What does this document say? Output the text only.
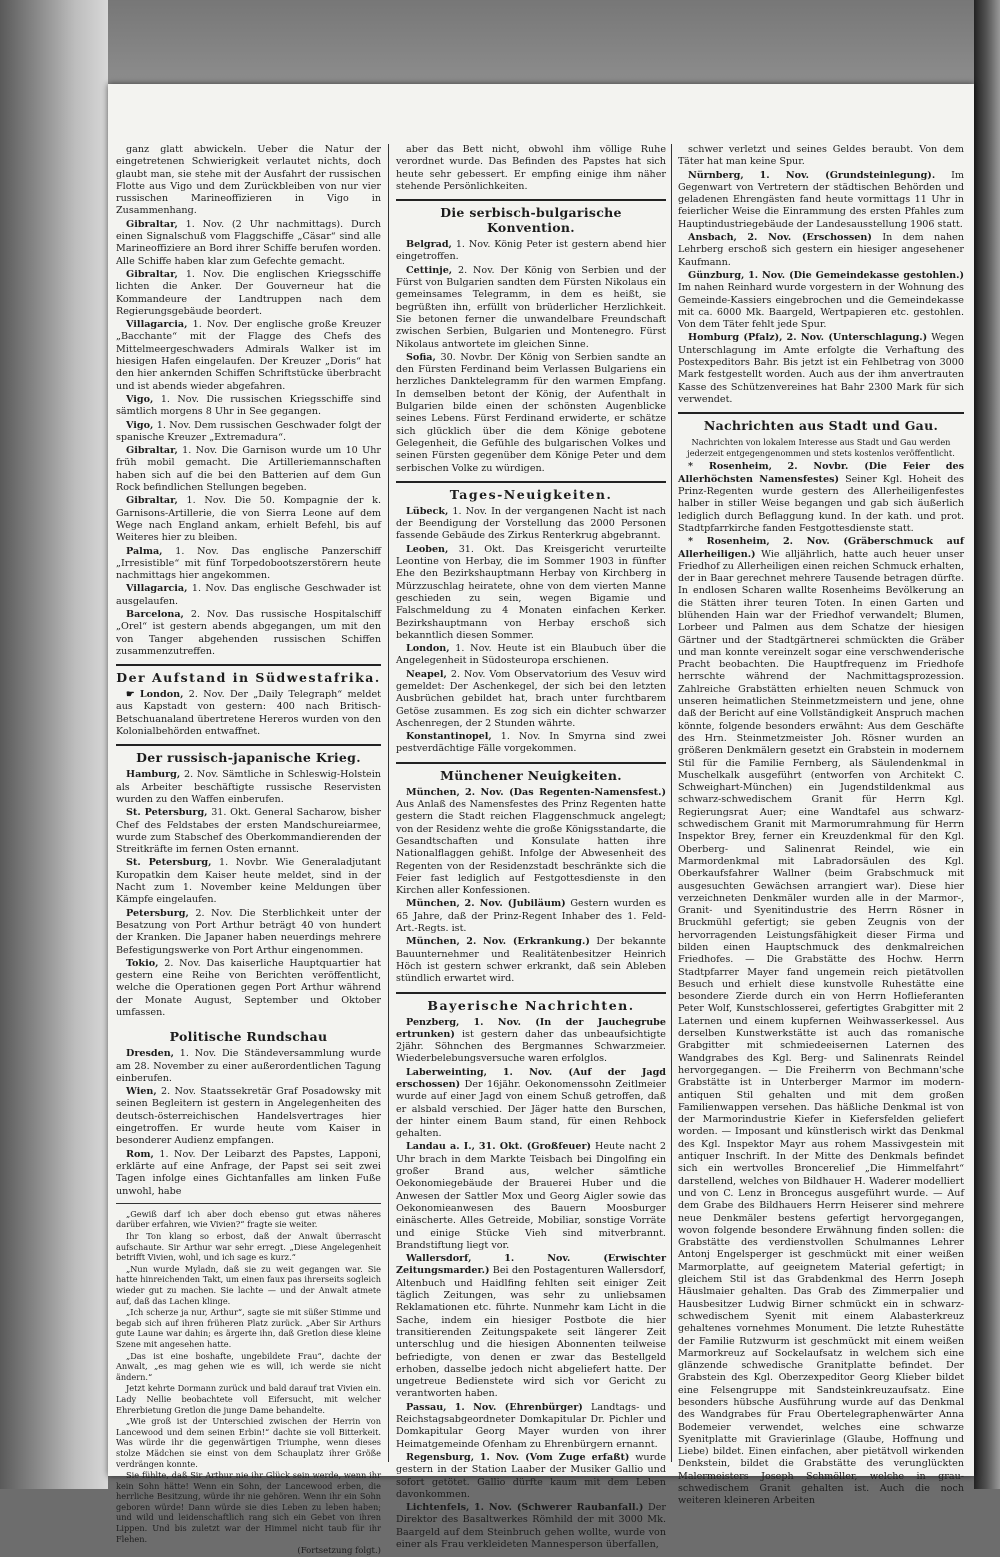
ganz glatt abwickeln. Ueber die Natur der eingetretenen Schwierigkeit verlautet nichts, doch glaubt man, sie stehe mit der Ausfahrt der russischen Flotte aus Vigo und dem Zurückbleiben von nur vier russischen Marineoffizieren in Vigo in Zusammenhang.

Gibraltar, 1. Nov. (2 Uhr nachmittags). Durch einen Signalschuß vom Flaggschiffe „Cäsar“ sind alle Marineoffiziere an Bord ihrer Schiffe berufen worden. Alle Schiffe haben klar zum Gefechte gemacht.

Gibraltar, 1. Nov. Die englischen Kriegsschiffe lichten die Anker. Der Gouverneur hat die Kommandeure der Landtruppen nach dem Regierungsgebäude beordert.

Villagarcia, 1. Nov. Der englische große Kreuzer „Bacchante“ mit der Flagge des Chefs des Mittelmeergeschwaders Admirals Walker ist im hiesigen Hafen eingelaufen. Der Kreuzer „Doris“ hat den hier ankernden Schiffen Schriftstücke überbracht und ist abends wieder abgefahren.

Vigo, 1. Nov. Die russischen Kriegsschiffe sind sämtlich morgens 8 Uhr in See gegangen.

Vigo, 1. Nov. Dem russischen Geschwader folgt der spanische Kreuzer „Extremadura“.

Gibraltar, 1. Nov. Die Garnison wurde um 10 Uhr früh mobil gemacht. Die Artilleriemannschaften haben sich auf die bei den Batterien auf dem Gun Rock befindlichen Stellungen begeben.

Gibraltar, 1. Nov. Die 50. Kompagnie der k. Garnisons-Artillerie, die von Sierra Leone auf dem Wege nach England ankam, erhielt Befehl, bis auf Weiteres hier zu bleiben.

Palma, 1. Nov. Das englische Panzerschiff „Irresistible“ mit fünf Torpedobootszerstörern heute nachmittags hier angekommen.

Villagarcia, 1. Nov. Das englische Geschwader ist ausgelaufen.

Barcelona, 2. Nov. Das russische Hospitalschiff „Orel“ ist gestern abends abgegangen, um mit den von Tanger abgehenden russischen Schiffen zusammenzutreffen.

Der Aufstand in Südwestafrika.

☛ London, 2. Nov. Der „Daily Telegraph“ meldet aus Kapstadt von gestern: 400 nach Britisch-Betschuanaland übertretene Hereros wurden von den Kolonialbehörden entwaffnet.

Der russisch-japanische Krieg.

Hamburg, 2. Nov. Sämtliche in Schleswig-Holstein als Arbeiter beschäftigte russische Reservisten wurden zu den Waffen einberufen.

St. Petersburg, 31. Okt. General Sacharow, bisher Chef des Feldstabes der ersten Mandschureiarmee, wurde zum Stabschef des Oberkommandierenden der Streitkräfte im fernen Osten ernannt.

St. Petersburg, 1. Novbr. Wie Generaladjutant Kuropatkin dem Kaiser heute meldet, sind in der Nacht zum 1. November keine Meldungen über Kämpfe eingelaufen.

Petersburg, 2. Nov. Die Sterblichkeit unter der Besatzung von Port Arthur beträgt 40 von hundert der Kranken. Die Japaner haben neuerdings mehrere Befestigungswerke von Port Arthur eingenommen.

Tokio, 2. Nov. Das kaiserliche Hauptquartier hat gestern eine Reihe von Berichten veröffentlicht, welche die Operationen gegen Port Arthur während der Monate August, September und Oktober umfassen.

Politische Rundschau

Dresden, 1. Nov. Die Ständeversammlung wurde am 28. November zu einer außerordentlichen Tagung einberufen.

Wien, 2. Nov. Staatssekretär Graf Posadowsky mit seinen Begleitern ist gestern in Angelegenheiten des deutsch-österreichischen Handelsvertrages hier eingetroffen. Er wurde heute vom Kaiser in besonderer Audienz empfangen.

Rom, 1. Nov. Der Leibarzt des Papstes, Lapponi, erklärte auf eine Anfrage, der Papst sei seit zwei Tagen infolge eines Gichtanfalles am linken Fuße unwohl, habe

„Gewiß darf ich aber doch ebenso gut etwas näheres darüber erfahren, wie Vivien?“ fragte sie weiter.

Ihr Ton klang so erbost, daß der Anwalt überrascht aufschaute. Sir Arthur war sehr erregt. „Diese Angelegenheit betrifft Vivien, wohl, und ich sage es kurz.“

„Nun wurde Myladn, daß sie zu weit gegangen war. Sie hatte hinreichenden Takt, um einen faux pas ihrerseits sogleich wieder gut zu machen. Sie lachte — und der Anwalt atmete auf, daß das Lachen klinge.

„Ich scherze ja nur, Arthur“, sagte sie mit süßer Stimme und begab sich auf ihren früheren Platz zurück. „Aber Sir Arthurs gute Laune war dahin; es ärgerte ihn, daß Gretlon diese kleine Szene mit angesehen hatte.

„Das ist eine boshafte, ungebildete Frau“, dachte der Anwalt, „es mag gehen wie es will, ich werde sie nicht ändern.“

Jetzt kehrte Dormann zurück und bald darauf trat Vivien ein. Lady Nellie beobachtete voll Eifersucht, mit welcher Ehrerbietung Gretlon die junge Dame behandelte.

„Wie groß ist der Unterschied zwischen der Herrin von Lancewood und dem seinen Erbin!“ dachte sie voll Bitterkeit. Was würde ihr die gegenwärtigen Triumphe, wenn dieses stolze Mädchen sie einst von dem Schauplatz ihrer Größe verdrängen konnte.

Sie fühlte, daß Sir Arthur nie ihr Glück sein werde, wenn ihr kein Sohn hätte! Wenn ein Sohn, der Lancewood erben, die herrliche Besitzung, würde ihr nie gehören. Wenn ihr ein Sohn geboren würde! Dann würde sie dies Leben zu leben haben; und wild und leidenschaftlich rang sich ein Gebet von ihren Lippen. Und bis zuletzt war der Himmel nicht taub für ihr Flehen.

(Fortsetzung folgt.)

aber das Bett nicht, obwohl ihm völlige Ruhe verordnet wurde. Das Befinden des Papstes hat sich heute sehr gebessert. Er empfing einige ihm näher stehende Persönlichkeiten.

Die serbisch-bulgarische Konvention.

Belgrad, 1. Nov. König Peter ist gestern abend hier eingetroffen.

Cettinje, 2. Nov. Der König von Serbien und der Fürst von Bulgarien sandten dem Fürsten Nikolaus ein gemeinsames Telegramm, in dem es heißt, sie begrüßten ihn, erfüllt von brüderlicher Herzlichkeit. Sie betonen ferner die unwandelbare Freundschaft zwischen Serbien, Bulgarien und Montenegro. Fürst Nikolaus antwortete im gleichen Sinne.

Sofia, 30. Novbr. Der König von Serbien sandte an den Fürsten Ferdinand beim Verlassen Bulgariens ein herzliches Danktelegramm für den warmen Empfang. In demselben betont der König, der Aufenthalt in Bulgarien bilde einen der schönsten Augenblicke seines Lebens. Fürst Ferdinand erwiderte, er schätze sich glücklich über die dem Könige gebotene Gelegenheit, die Gefühle des bulgarischen Volkes und seinen Fürsten gegenüber dem Könige Peter und dem serbischen Volke zu würdigen.

Tages-Neuigkeiten.

Lübeck, 1. Nov. In der vergangenen Nacht ist nach der Beendigung der Vorstellung das 2000 Personen fassende Gebäude des Zirkus Renterkrug abgebrannt.

Leoben, 31. Okt. Das Kreisgericht verurteilte Leontine von Herbay, die im Sommer 1903 in fünfter Ehe den Bezirkshauptmann Herbay von Kirchberg in Mürzzuschlag heiratete, ohne von dem vierten Manne geschieden zu sein, wegen Bigamie und Falschmeldung zu 4 Monaten einfachen Kerker. Bezirkshauptmann von Herbay erschoß sich bekanntlich diesen Sommer.

London, 1. Nov. Heute ist ein Blaubuch über die Angelegenheit in Südosteuropa erschienen.

Neapel, 2. Nov. Vom Observatorium des Vesuv wird gemeldet: Der Aschenkegel, der sich bei den letzten Ausbrüchen gebildet hat, brach unter furchtbarem Getöse zusammen. Es zog sich ein dichter schwarzer Aschenregen, der 2 Stunden währte.

Konstantinopel, 1. Nov. In Smyrna sind zwei pestverdächtige Fälle vorgekommen.

Münchener Neuigkeiten.

München, 2. Nov. (Das Regenten-Namensfest.) Aus Anlaß des Namensfestes des Prinz Regenten hatte gestern die Stadt reichen Flaggenschmuck angelegt; von der Residenz wehte die große Königsstandarte, die Gesandtschaften und Konsulate hatten ihre Nationalflaggen gehißt. Infolge der Abwesenheit des Regenten von der Residenzstadt beschränkte sich die Feier fast lediglich auf Festgottesdienste in den Kirchen aller Konfessionen.

München, 2. Nov. (Jubiläum) Gestern wurden es 65 Jahre, daß der Prinz-Regent Inhaber des 1. Feld-Art.-Regts. ist.

München, 2. Nov. (Erkrankung.) Der bekannte Bauunternehmer und Realitätenbesitzer Heinrich Höch ist gestern schwer erkrankt, daß sein Ableben stündlich erwartet wird.

Bayerische Nachrichten.

Penzberg, 1. Nov. (In der Jauchegrube ertrunken) ist gestern daher das unbeaufsichtigte 2jähr. Söhnchen des Bergmannes Schwarzmeier. Wiederbelebungsversuche waren erfolglos.

Laberweinting, 1. Nov. (Auf der Jagd erschossen) Der 16jähr. Oekonomenssohn Zeitlmeier wurde auf einer Jagd von einem Schuß getroffen, daß er alsbald verschied. Der Jäger hatte den Burschen, der hinter einem Baum stand, für einen Rehbock gehalten.

Landau a. I., 31. Okt. (Großfeuer) Heute nacht 2 Uhr brach in dem Markte Teisbach bei Dingolfing ein großer Brand aus, welcher sämtliche Oekonomiegebäude der Brauerei Huber und die Anwesen der Sattler Mox und Georg Aigler sowie das Oekonomieanwesen des Bauern Moosburger einäscherte. Alles Getreide, Mobiliar, sonstige Vorräte und einige Stücke Vieh sind mitverbrannt. Brandstiftung liegt vor.

Wallersdorf,	1. Nov. (Erwischter Zeitungsmarder.) Bei den Postagenturen Wallersdorf, Altenbuch und Haidlfing fehlten seit einiger Zeit täglich Zeitungen, was sehr zu unliebsamen Reklamationen etc. führte. Nunmehr kam Licht in die Sache, indem ein hiesiger Postbote die hier transitierenden Zeitungspakete seit längerer Zeit unterschlug und die hiesigen Abonnenten teilweise befriedigte, von denen er zwar das Bestellgeld erhoben, dasselbe jedoch nicht abgeliefert hatte. Der ungetreue Bedienstete wird sich vor Gericht zu verantworten haben.

Passau, 1. Nov. (Ehrenbürger) Landtags- und Reichstagsabgeordneter Domkapitular Dr. Pichler und Domkapitular Georg Mayer wurden von ihrer Heimatgemeinde Ofenham zu Ehrenbürgern ernannt.

Regensburg, 1. Nov. (Vom Zuge erfaßt) wurde gestern in der Station Laaber der Musiker Gallio und sofort getötet. Gallio dürfte kaum mit dem Leben davonkommen.

Lichtenfels, 1. Nov. (Schwerer Raubanfall.) Der Direktor des Basaltwerkes Römhild der mit 3000 Mk. Baargeld auf dem Steinbruch gehen wollte, wurde von einer als Frau verkleideten Mannesperson überfallen,

schwer verletzt und seines Geldes beraubt. Von dem Täter hat man keine Spur.

Nürnberg, 1. Nov. (Grundsteinlegung). Im Gegenwart von Vertretern der städtischen Behörden und geladenen Ehrengästen fand heute vormittags 11 Uhr in feierlicher Weise die Einrammung des ersten Pfahles zum Hauptindustriegebäude der Landesausstellung 1906 statt.

Ansbach, 2. Nov. (Erschossen) In dem nahen Lehrberg erschoß sich gestern ein hiesiger angesehener Kaufmann.

Günzburg, 1. Nov. (Die Gemeindekasse gestohlen.) Im nahen Reinhard wurde vorgestern in der Wohnung des Gemeinde-Kassiers eingebrochen und die Gemeindekasse mit ca. 6000 Mk. Baargeld, Wertpapieren etc. gestohlen. Von dem Täter fehlt jede Spur.

Homburg (Pfalz), 2. Nov. (Unterschlagung.) Wegen Unterschlagung im Amte erfolgte die Verhaftung des Postexpeditors Bahr. Bis jetzt ist ein Fehlbetrag von 3000 Mark festgestellt worden. Auch aus der ihm anvertrauten Kasse des Schützenvereines hat Bahr 2300 Mark für sich verwendet.

Nachrichten aus Stadt und Gau.
Nachrichten von lokalem Interesse aus Stadt und Gau werden jederzeit entgegengenommen und stets kostenlos veröffentlicht.

* Rosenheim, 2. Novbr. (Die Feier des Allerhöchsten Namensfestes) Seiner Kgl. Hoheit des Prinz-Regenten wurde gestern des Allerheiligenfestes halber in stiller Weise begangen und gab sich äußerlich lediglich durch Beflaggung kund. In der kath. und prot. Stadtpfarrkirche fanden Festgottesdienste statt.

* Rosenheim, 2. Nov. (Gräberschmuck auf Allerheiligen.) Wie alljährlich, hatte auch heuer unser Friedhof zu Allerheiligen einen reichen Schmuck erhalten, der in Baar gerechnet mehrere Tausende betragen dürfte. In endlosen Scharen wallte Rosenheims Bevölkerung an die Stätten ihrer teuren Toten. In einen Garten und blühenden Hain war der Friedhof verwandelt; Blumen, Lorbeer und Palmen aus dem Schatze der hiesigen Gärtner und der Stadtgärtnerei schmückten die Gräber und man konnte vereinzelt sogar eine verschwenderische Pracht beobachten. Die Hauptfrequenz im Friedhofe herrschte während der Nachmittagsprozession. Zahlreiche Grabstätten erhielten neuen Schmuck von unseren heimatlichen Steinmetzmeistern und jene, ohne daß der Bericht auf eine Vollständigkeit Anspruch machen könnte, folgende besonders erwähnt: Aus dem Geschäfte des Hrn. Steinmetzmeister Joh. Rösner wurden an größeren Denkmälern gesetzt ein Grabstein in modernem Stil für die Familie Fernberg, als Säulendenkmal in Muschelkalk ausgeführt (entworfen von Architekt C. Schweighart-München) ein Jugendstildenkmal aus schwarz-schwedischem Granit für Herrn Kgl. Regierungsrat Auer; eine Wandtafel aus schwarz-schwedischem Granit mit Marmorumrahmung für Herrn Inspektor Brey, ferner ein Kreuzdenkmal für den Kgl. Oberberg- und Salinenrat Reindel, wie ein Marmordenkmal mit Labradorsäulen des Kgl. Oberkaufsfahrer Wallner (beim Grabschmuck mit ausgesuchten Gewächsen arrangiert war). Diese hier verzeichneten Denkmäler wurden alle in der Marmor-, Granit- und Syenitindustrie des Herrn Rösner in Bruckmühl gefertigt; sie geben Zeugnis von der hervorragenden Leistungsfähigkeit dieser Firma und bilden einen Hauptschmuck des denkmalreichen Friedhofes. — Die Grabstätte des Hochw. Herrn Stadtpfarrer Mayer fand ungemein reich pietätvollen Besuch und erhielt diese kunstvolle Ruhestätte eine besondere Zierde durch ein von Herrn Hoflieferanten Peter Wolf, Kunstschlosserei, gefertigtes Grabgitter mit 2 Laternen und einem kupfernen Weihwasserkessel. Aus derselben Kunstwerkstätte ist auch das romanische Grabgitter mit schmiedeeisernen Laternen des Wandgrabes des Kgl. Berg- und Salinenrats Reindel hervorgegangen. — Die Freiherrn von Bechmann'sche Grabstätte ist in Unterberger Marmor im modern-antiquen Stil gehalten und mit dem großen Familienwappen versehen. Das häßliche Denkmal ist von der Marmorindustrie Kiefer in Kiefersfelden geliefert worden. — Imposant und künstlerisch wirkt das Denkmal des Kgl. Inspektor Mayr aus rohem Massivgestein mit antiquer Inschrift. In der Mitte des Denkmals befindet sich ein wertvolles Broncerelief „Die Himmelfahrt“ darstellend, welches von Bildhauer H. Waderer modelliert und von C. Lenz in Broncegus ausgeführt wurde. — Auf dem Grabe des Bildhauers Herrn Heiserer sind mehrere neue Denkmäler bestens gefertigt hervorgegangen, wovon folgende besondere Erwähnung finden sollen: die Grabstätte des verdienstvollen Schulmannes Lehrer Antonj Engelsperger ist geschmückt mit einer weißen Marmorplatte, auf geeignetem Material gefertigt; in gleichem Stil ist das Grabdenkmal des Herrn Joseph Häuslmaier gehalten. Das Grab des Zimmerpalier und Hausbesitzer Ludwig Birner schmückt ein in schwarz-schwedischem Syenit mit einem Alabasterkreuz gehaltenes vornehmes Monument. Die letzte Ruhestätte der Familie Rutzwurm ist geschmückt mit einem weißen Marmorkreuz auf Sockelaufsatz in welchem sich eine glänzende schwedische Granitplatte befindet. Der Grabstein des Kgl. Oberzexpeditor Georg Klieber bildet eine Felsengruppe mit Sandsteinkreuzaufsatz. Eine besonders hübsche Ausführung wurde auf das Denkmal des Wandgrabes für Frau Obertelegraphenwärter Anna Bodemeier verwendet, welches eine schwarze Syenitplatte mit Gravierinlage (Glaube, Hoffnung und Liebe) bildet. Einen einfachen, aber pietätvoll wirkenden Denkstein, bildet die Grabstätte des verunglückten Malermeisters Joseph Schmöller, welche in grau-schwedischem Granit gehalten ist. Auch die noch weiteren kleineren Arbeiten
